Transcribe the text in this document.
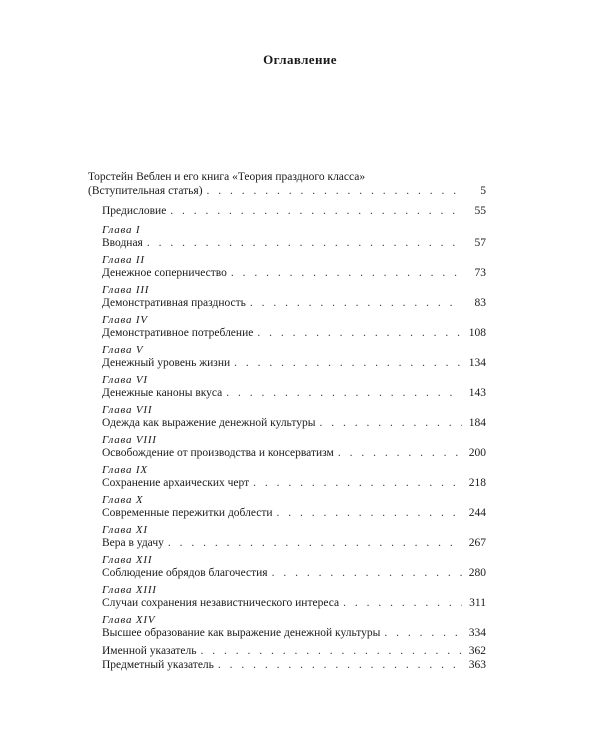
Оглавление
Торстейн Веблен и его книга «Теория праздного класса»
(Вступительная статья) . . .	5
Предисловие . . .	55
Глава I
Вводная . . .	57
Глава II
Денежное соперничество . . .	73
Глава III
Демонстративная праздность . . .	83
Глава IV
Демонстративное потребление . . .	108
Глава V
Денежный уровень жизни . . .	134
Глава VI
Денежные каноны вкуса . . .	143
Глава VII
Одежда как выражение денежной культуры . . .	184
Глава VIII
Освобождение от производства и консерватизм . . .	200
Глава IX
Сохранение архаических черт . . .	218
Глава X
Современные пережитки доблести . . .	244
Глава XI
Вера в удачу . . .	267
Глава XII
Соблюдение обрядов благочестия . . .	280
Глава XIII
Случаи сохранения независтнического интереса . . .	311
Глава XIV
Высшее образование как выражение денежной культуры . . .	334
Именной указатель . . .	362
Предметный указатель . . .	363
